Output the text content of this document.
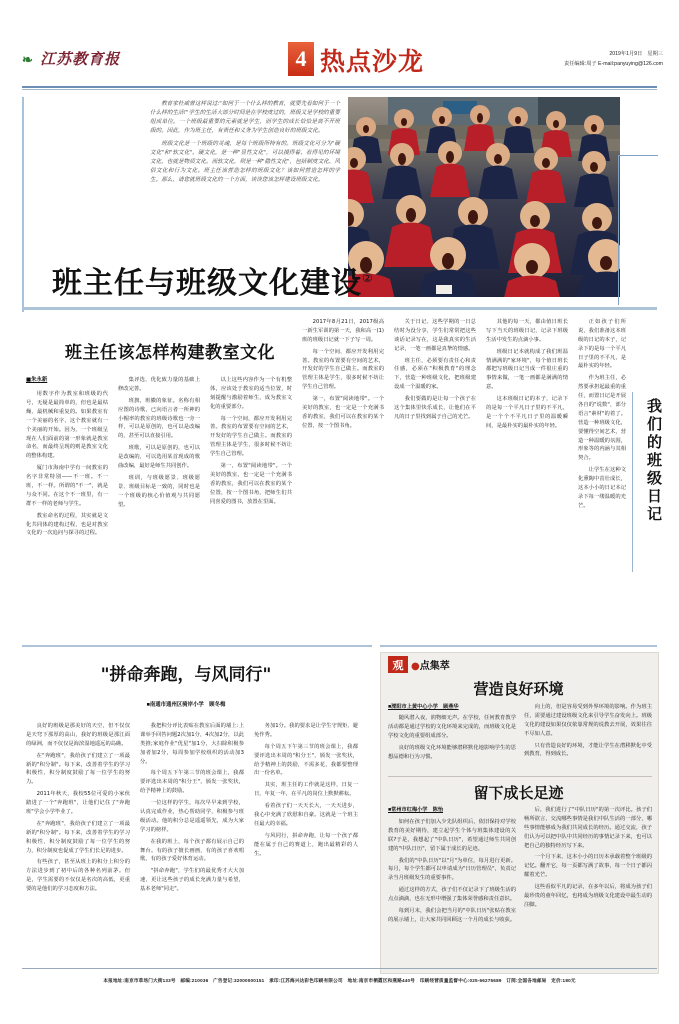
❧ 江苏教育报	4 热点沙龙	2019年1月9日　星期三
责任编辑:周子 E-mail:panyuying@126.com

教育家杜威曾这样说过:"如何于一个什么样的教育，就要先看如何于一个什么样的生活!"学生的生活大部分时间是在学校度过的，班级又是学校的重要组成单位。一个班级最重要的元素就是学生，而学生的成长恰恰是离不开班级的。因此，作为班主任，有责任和义务为学生创造良好的班级文化。

班级文化是一个班级的灵魂，是每个班级所特有的。班级文化可分为"硬文化"和"软文化"。硬文化，是一种"显性文化"，可以摸得着、看得见的环境文化，也就是物质文化。而软文化，则是一种"隐性文化"，包括制度文化、风俗文化和行为文化。班主任该营造怎样的班级文化？该如何营造怎样的学生。那么，请您就班级文化的一个方面，谈谈您该怎样建设班级文化。

班主任与班级文化建设②
班主任该怎样构建教室文化
■朱永新

用数字作为教室和班级的代号，无疑是最简单的，但也是最枯燥、最机械和重复的。如果教室有一个美丽的名字，这个教室就有一个美丽的开始。因为，一个班级呈现在人们面前的第一形象就是教室命名，而最终呈现的则是教室文化的整体构建。

厦门市海南中学有一间教室的名字非常特别——不一班。不一班，不一样。所谓的"不一"，就是与众不同。在这个不一班里，有一群不一样的老师与学生。

教室命名的过程，其实就是文化共同体的建构过程，也是对教室文化的一次追问与探寻的过程。

集评选、优化致力量的基础上修改完善。

班旗，班徽的象征。名称有相应图的诗歌，已向语言者一所神的小帽率的教室的班级诗歌也一旁一样，可以是原创的，也可以是改编的，甚至可以直接引用。

班歌，可以是原创的，也可以是改编的，可以选用某首现成的歌曲改编，最好是师生共同创作。

班训，与班级愿景、班级愿景、班级目标是一致的，同时也是一个班级的核心价值观与共同愿望。

以上这些内容作为一个有机整体，应该处于教室的适当位置，时刻提醒与激励着师生，成为教室文化的重要部分。

每一个空间，都应开发利用完善。教室的布置要有空间的艺术，开发好的学生自己做主。而教室的管理主体是学生，很多时候不妨让学生自己管理。

第一，布置"阅读地带"。一个美好的教室，也一定是一个充满书香的教室，我们可以在教室的某个位置，按一个图书角，把师生们共同喜爱的图书，放置在里面。

2017年8月21日，2017级高一新生军训的第一天，我和高一(1)班的班级日记就一下子写一周。

每一个空间，都应开发利用完善。教室的布置要有空间的艺术，开发好的学生自己做主。而教室的管理主体是学生，很多时候不妨让学生自己管理。

第一，布置"阅读地带"。一个美好的教室，也一定是一个充满书香的教室，我们可以在教室的某个位置，按一个图书角。

关于日记、这些学期的一日总结时为没分享，学生们常常把这些谈话记录写在，这是我真实的生活记录，一笔一画都是真挚的情感。

班主任，必须要有责任心和责任感，必须在"积极教育"的理念下，营造一种班级文化，把班级建设成一个温暖的家。

我们要做的是让每一个孩子在这个集体里快乐成长，让他们在平凡的日子里找到属于自己的光芒。

其他的每一天，都由值日班长写下当天的班级日记，记录下班级生活中发生的点滴小事。

班级日记本就构成了我们班温情满满的"家环境"，每个值日班长都把写班级日记当成一件很庄重的事情来做，一笔一画都是满满的情意。

这本班级日记的本子，记录下的是每一个平凡日子里的不平凡，是一个个不平凡日子里的温暖瞬间，是最朴实的最朴实的年轻。

正如孩子们所说，我们准备这本班级的日记的本子，记录下的是每一个平凡日子里的不平凡，是最朴实的年轻。

作为班主任，必然要承担起最重的重任，而置日记是开展各自的"说数"，部分语言"素材"的着了。营造一种班级文化，要懂得空间艺术，营造一种温暖的氛围，形象等的内涵与其相契合。

让学生在这种文化熏陶中茁壮成长，这本小小的日记本记录下每一缕温暖的光芒。	我们的班级日记
"拼命奔跑，与风同行"
■南通市通州区骑岸小学　顾冬梅

良好的班级是那美好的天空，但不仅仅是天穹下那厚的高山，我好的班级是那江面的绿洲，而不仅仅是海滨湿地遥远的岛礁。

在"奔跑班"，我给孩子们建立了一项最新的"积分制"。每下来，改善着学生的学习积极性，积分制度鼓励了每一位学生的努力。

2011年秋天，我校55位可爱的小家伙踏进了一个"奔跑班"，让他们记住了"奔跑班"学会小学毕业了。

在"奔跑班"，我给孩子们建立了一项最新的"积分制"。每下来，改善着学生的学习积极性，积分制度鼓励了每一位学生的努力，积分制度也促成了学生们长足的进步。

有些孩子，甚至从班上的积分上积分的方法进步到了初中后的各种名列前茅。但是，学生需要的不仅仅是名次的高低，更重要的是他们的学习态度和方法。

我把积分评比表贴在教室后面的墙上:上课举手回答问题2次加1分，4次加2分，以此类推;家庭作业"优星"加1分，大扫除积极参加者加2分，每周参加学校组织的活动加3分。

每个周五下午第三节的班会课上，我都要评选出本周的"积分王"，颁发一张奖状，给予精神上的鼓励。

一位这样的学生，每次早早来到学校，认真完成作业，热心帮助同学，积极参与班级活动。他的积分总是遥遥领先，成为大家学习的榜样。

在我的班上，每个孩子都有展示自己的舞台。有的孩子擅长画画，有的孩子喜欢唱歌，有的孩子爱好体育运动。

"拼命奔跑"，学生们的最优秀才大大加速，更让这些孩子的成长充满力量与希望，基本老师"同走"。

务加1分。我的要求是让学生守规矩、避免作秀。

每个周五下午第三节的班会课上，我都要评选出本周的"积分王"，颁发一张奖状，给予精神上的鼓励，不需多花，我都要整理出一份名单。

其实，班主任的工作就是这样，日复一日，年复一年，在平凡的岗位上默默耕耘。

看着孩子们一天天长大，一天天进步，我心中充满了欣慰和自豪。这就是一个班主任最大的幸福。

与风同行，拼命奔跑，让每一个孩子都能在属于自己的赛道上，跑出最精彩的人生。

观 ●点集萃
营造良好环境
■溧阳市上黄中心小学　顾燕华

随风潜入夜，润物细无声。在学校，任何教育教学活动都是通过学校的文化环境来完成的，而班级文化是学校文化的重要组成部分。

良好的班级文化环境能够潜移默化地影响学生的思想品德和行为习惯。

向上的，但是容易受到外界环境的影响。作为班主任，需要通过建设班级文化来引导学生奋发向上。班级文化的建设如果仅仅依靠常规的说教去开展，效果往往不尽如人意。

只有营造良好的环境，才能让学生在潜移默化中受到教育，得到成长。

留下成长足迹
■常州市红梅小学　陈怡

如何在孩子们加入少先队组织后，依旧保持对学校教育的美好期待，建立起学生个体与班集体建设的关联?于是，我想起了"中队日历"，希望通过师生共同创建的"中队日历"，留下属于成长的足迹。

我们的"中队日历"以"月"为单位，每月进行更新。每月，每个学生都可以申请成为"日历管理员"，负责记录当月班级发生的重要事件。

通过这样的方式，孩子们不仅记录下了班级生活的点点滴滴，也在无形中增强了集体荣誉感和责任意识。

每到月末，我们会把当月的"中队日历"张贴在教室的展示墙上，让大家共同回顾这一个月的成长与收获。

后，我们进行了"中队日历"的第一次评比。孩子们畅所欲言，交流哪些事情是我们中队生活的一部分，哪些事情能够成为我们共同成长的经历。通过交流，孩子们认为可以把中队中共同经历的事情记录下来，也可以把自己的独特经历写下来。

一个月下来，这本小小的日历本承载着整个班级的记忆。翻开它，每一页都写满了故事，每一个日子都闪耀着光芒。

这些看似平凡的记录，在多年以后，将成为孩子们最珍贵的童年回忆，也将成为班级文化建设中最生动的注脚。

本报地址:南京市草场门大街133号　邮编:210036　广告登记:32000000151　承印:江苏海兴达彩色印刷有限公司　地址:南京市栖霞区和燕路440号　印刷经营质量监督中心:025-66275689　订阅:全国各地邮局　定价:180元
